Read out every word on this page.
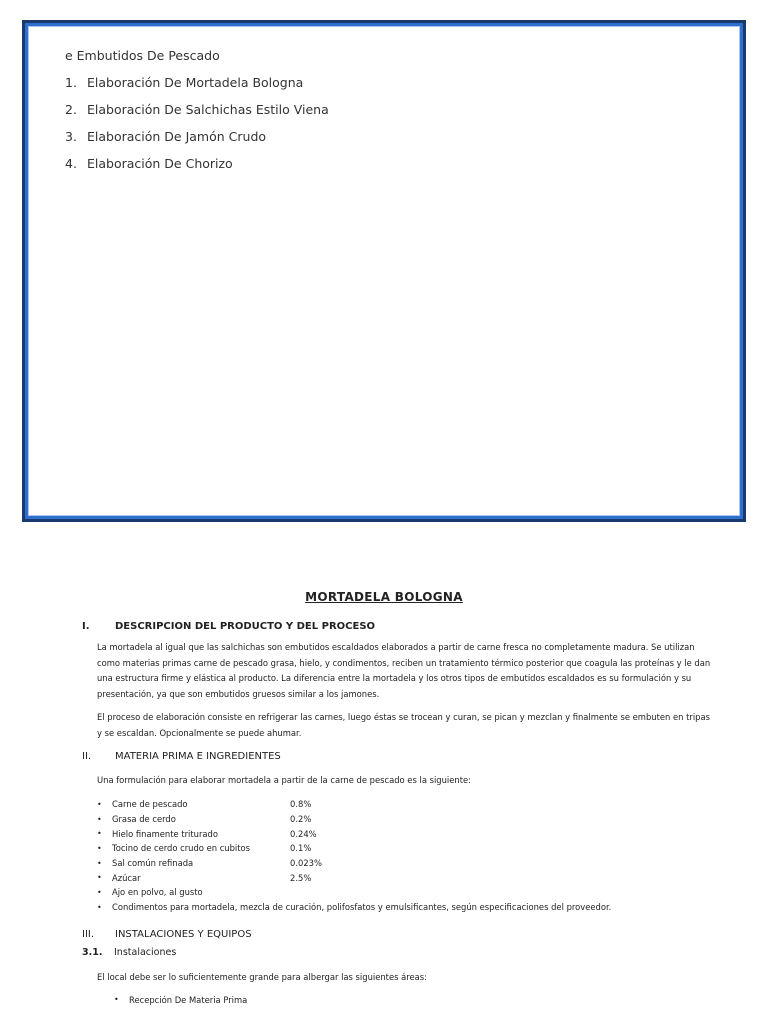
e Embutidos De Pescado

1. Elaboración De Mortadela Bologna
2. Elaboración De Salchichas Estilo Viena
3. Elaboración De Jamón Crudo
4. Elaboración De Chorizo
MORTADELA BOLOGNA
I.	DESCRIPCION DEL PRODUCTO Y DEL PROCESO

La mortadela al igual que las salchichas son embutidos escaldados elaborados a partir de carne fresca no completamente madura. Se utilizan como materias primas carne de pescado grasa, hielo, y condimentos, reciben un tratamiento térmico posterior que coagula las proteínas y le dan una estructura firme y elástica al producto. La diferencia entre la mortadela y los otros tipos de embutidos escaldados es su formulación y su presentación, ya que son embutidos gruesos similar a los jamones.

El proceso de elaboración consiste en refrigerar las carnes, luego éstas se trocean y curan, se pican y mezclan y finalmente se embuten en tripas y se escaldan. Opcionalmente se puede ahumar.

II.	MATERIA PRIMA E INGREDIENTES

Una formulación para elaborar mortadela a partir de la carne de pescado es la siguiente:

•	Carne de pescado	0.8%
•	Grasa de cerdo	0.2%
•	Hielo finamente triturado	0.24%
•	Tocino de cerdo crudo en cubitos	0.1%
•	Sal común refinada	0.023%
•	Azúcar	2.5%
•	Ajo en polvo, al gusto
•	Condimentos para mortadela, mezcla de curación, polifosfatos y emulsificantes, según especificaciones del proveedor.
III.	INSTALACIONES Y EQUIPOS
3.1.	Instalaciones

El local debe ser lo suficientemente grande para albergar las siguientes áreas:

•	Recepción De Materia Prima
